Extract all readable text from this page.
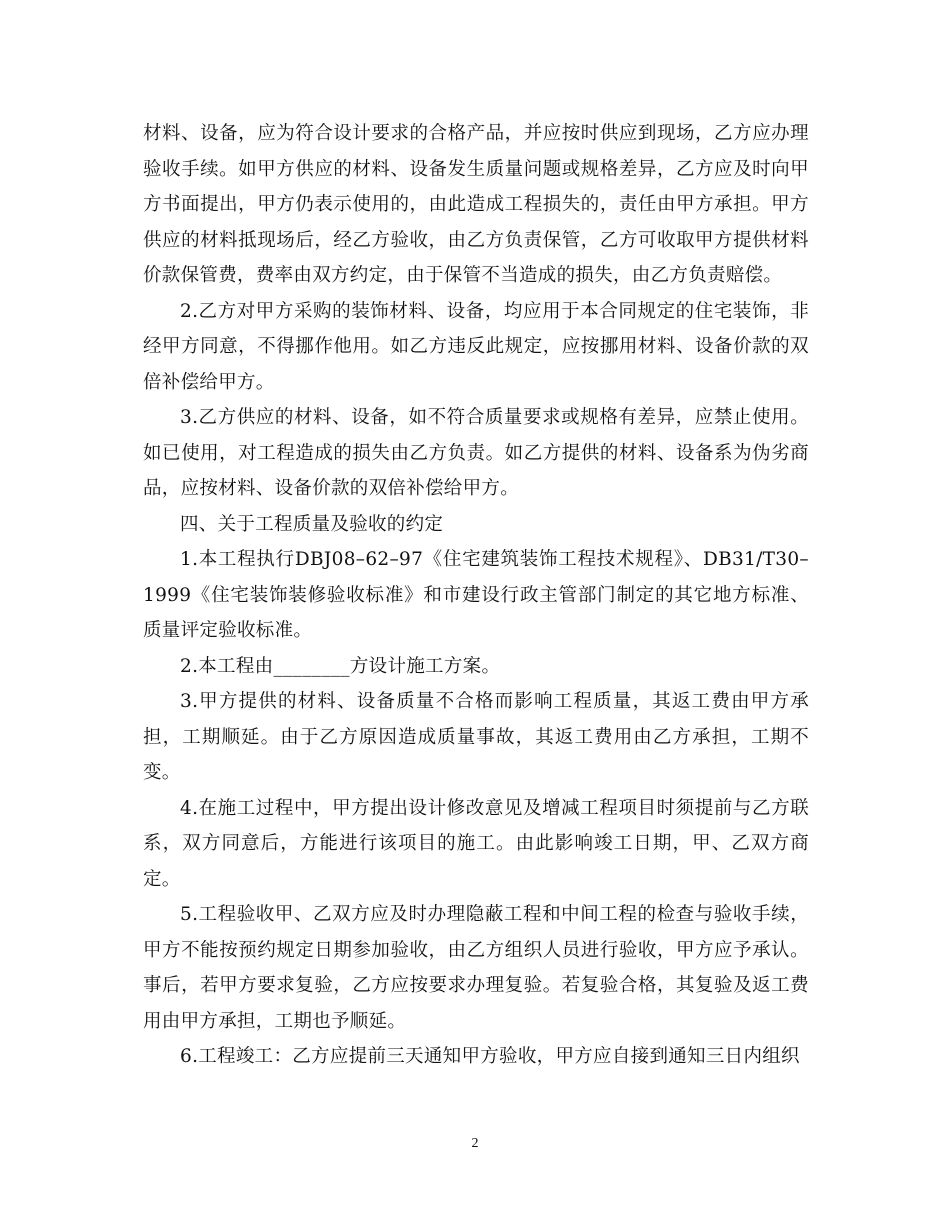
材料、设备，应为符合设计要求的合格产品，并应按时供应到现场，乙方应办理验收手续。如甲方供应的材料、设备发生质量问题或规格差异，乙方应及时向甲方书面提出，甲方仍表示使用的，由此造成工程损失的，责任由甲方承担。甲方供应的材料抵现场后，经乙方验收，由乙方负责保管，乙方可收取甲方提供材料价款保管费，费率由双方约定，由于保管不当造成的损失，由乙方负责赔偿。

2.乙方对甲方采购的装饰材料、设备，均应用于本合同规定的住宅装饰，非经甲方同意，不得挪作他用。如乙方违反此规定，应按挪用材料、设备价款的双倍补偿给甲方。

3.乙方供应的材料、设备，如不符合质量要求或规格有差异，应禁止使用。如已使用，对工程造成的损失由乙方负责。如乙方提供的材料、设备系为伪劣商品，应按材料、设备价款的双倍补偿给甲方。

四、关于工程质量及验收的约定

1.本工程执行DBJ08–62–97《住宅建筑装饰工程技术规程》、DB31/T30–1999《住宅装饰装修验收标准》和市建设行政主管部门制定的其它地方标准、质量评定验收标准。

2.本工程由________方设计施工方案。

3.甲方提供的材料、设备质量不合格而影响工程质量，其返工费由甲方承担，工期顺延。由于乙方原因造成质量事故，其返工费用由乙方承担，工期不变。

4.在施工过程中，甲方提出设计修改意见及增减工程项目时须提前与乙方联系，双方同意后，方能进行该项目的施工。由此影响竣工日期，甲、乙双方商定。

5.工程验收甲、乙双方应及时办理隐蔽工程和中间工程的检查与验收手续，甲方不能按预约规定日期参加验收，由乙方组织人员进行验收，甲方应予承认。事后，若甲方要求复验，乙方应按要求办理复验。若复验合格，其复验及返工费用由甲方承担，工期也予顺延。

6.工程竣工：乙方应提前三天通知甲方验收，甲方应自接到通知三日内组织

2
